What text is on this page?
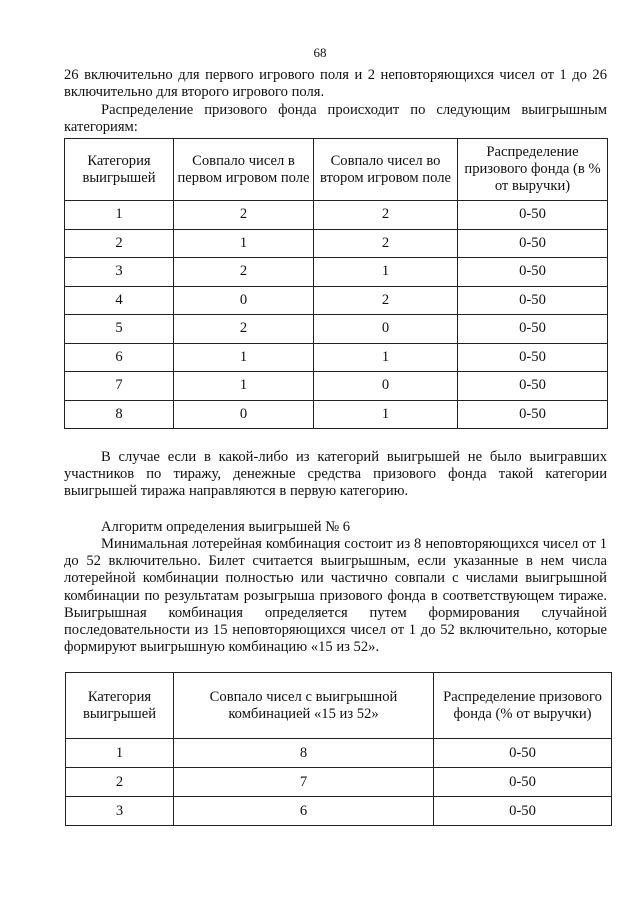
68
26 включительно для первого игрового поля и 2 неповторяющихся чисел от 1 до 26 включительно для второго игрового поля.
Распределение призового фонда происходит по следующим выигрышным категориям:
Категория выигрышей	Совпало чисел в первом игровом поле	Совпало чисел во втором игровом поле	Распределение призового фонда (в % от выручки)
1	2	2	0-50
2	1	2	0-50
3	2	1	0-50
4	0	2	0-50
5	2	0	0-50
6	1	1	0-50
7	1	0	0-50
8	0	1	0-50
В случае если в какой-либо из категорий выигрышей не было выигравших участников по тиражу, денежные средства призового фонда такой категории выигрышей тиража направляются в первую категорию.
Алгоритм определения выигрышей № 6
Минимальная лотерейная комбинация состоит из 8 неповторяющихся чисел от 1 до 52 включительно. Билет считается выигрышным, если указанные в нем числа лотерейной комбинации полностью или частично совпали с числами выигрышной комбинации по результатам розыгрыша призового фонда в соответствующем тираже. Выигрышная комбинация определяется путем формирования случайной последовательности из 15 неповторяющихся чисел от 1 до 52 включительно, которые формируют выигрышную комбинацию «15 из 52».
Категория выигрышей	Совпало чисел с выигрышной комбинацией «15 из 52»	Распределение призового фонда (% от выручки)
1	8	0-50
2	7	0-50
3	6	0-50
